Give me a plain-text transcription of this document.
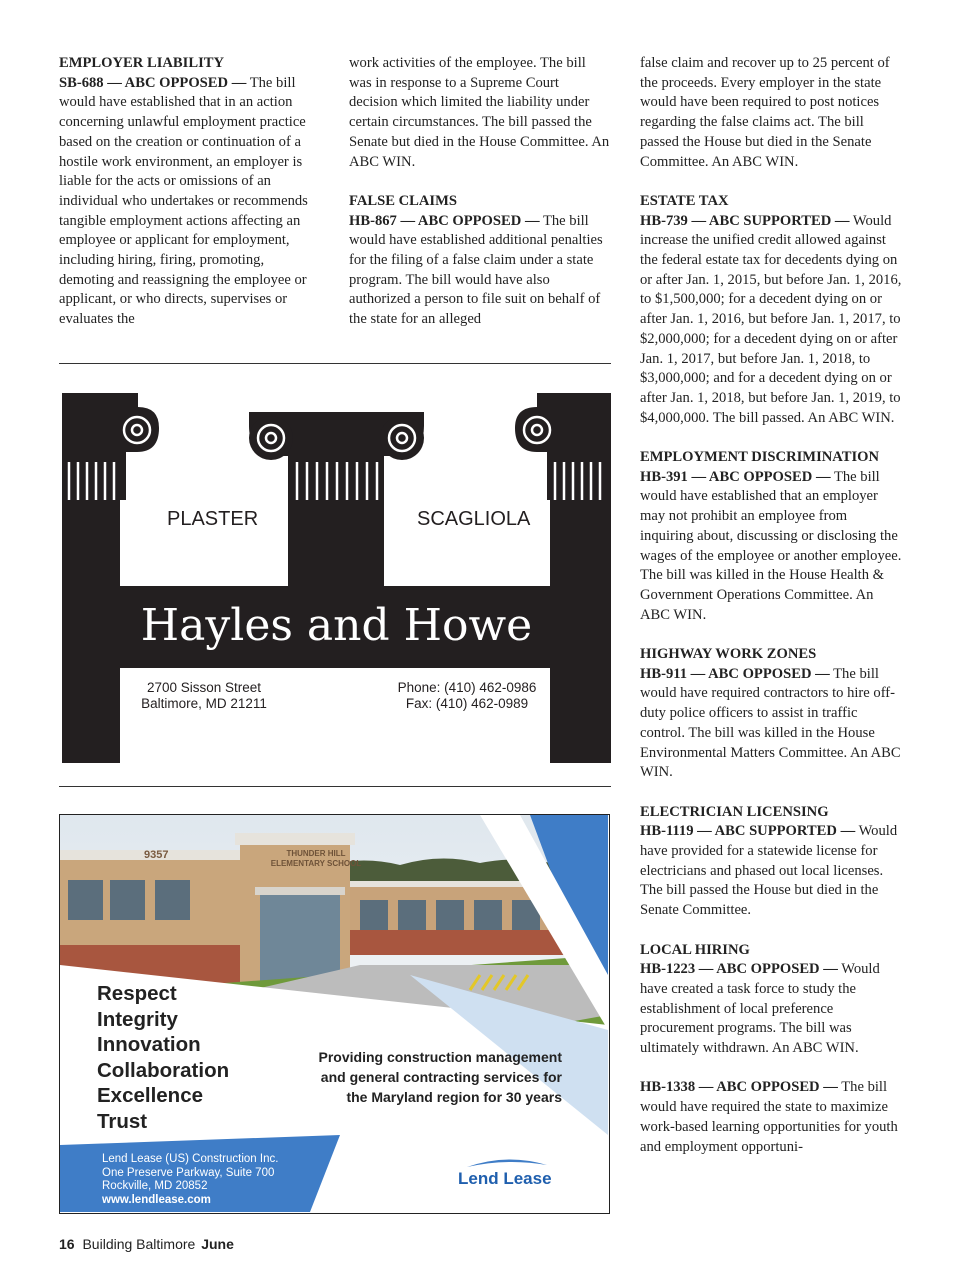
EMPLOYER LIABILITY
SB-688 — ABC OPPOSED — The bill would have established that in an action concerning unlawful employment practice based on the creation or continuation of a hostile work environment, an employer is liable for the acts or omissions of an individual who undertakes or recommends tangible employment actions affecting an employee or applicant for employment, including hiring, firing, promoting, demoting and reassigning the employee or applicant, or who directs, supervises or evaluates the

work activities of the employee. The bill was in response to a Supreme Court decision which limited the liability under certain circumstances. The bill passed the Senate but died in the House Committee. An ABC WIN.

FALSE CLAIMS
HB-867 — ABC OPPOSED — The bill would have established additional penalties for the filing of a false claim under a state program. The bill would have also authorized a person to file suit on behalf of the state for an alleged

false claim and recover up to 25 percent of the proceeds. Every employer in the state would have been required to post notices regarding the false claims act. The bill passed the House but died in the Senate Committee. An ABC WIN.

ESTATE TAX
HB-739 — ABC SUPPORTED — Would increase the unified credit allowed against the federal estate tax for decedents dying on or after Jan. 1, 2015, but before Jan. 1, 2016, to $1,500,000; for a decedent dying on or after Jan. 1, 2016, but before Jan. 1, 2017, to $2,000,000; for a decedent dying on or after Jan. 1, 2017, but before Jan. 1, 2018, to $3,000,000; and for a decedent dying on or after Jan. 1, 2018, but before Jan. 1, 2019, to $4,000,000. The bill passed. An ABC WIN.

EMPLOYMENT DISCRIMINATION
HB-391 — ABC OPPOSED — The bill would have established that an employer may not prohibit an employee from inquiring about, discussing or disclosing the wages of the employee or another employee. The bill was killed in the House Health & Government Operations Committee. An ABC WIN.

HIGHWAY WORK ZONES
HB-911 — ABC OPPOSED — The bill would have required contractors to hire off-duty police officers to assist in traffic control. The bill was killed in the House Environmental Matters Committee. An ABC WIN.

ELECTRICIAN LICENSING
HB-1119 — ABC SUPPORTED — Would have provided for a statewide license for electricians and phased out local licenses. The bill passed the House but died in the Senate Committee.

LOCAL HIRING
HB-1223 — ABC OPPOSED — Would have created a task force to study the establishment of local preference procurement programs. The bill was ultimately withdrawn. An ABC WIN.

HB-1338 — ABC OPPOSED — The bill would have required the state to maximize work-based learning opportunities for youth and employment opportuni-

PLASTER	SCAGLIOLA
Hayles and Howe
2700 Sisson Street
Baltimore, MD 21211
Phone: (410) 462-0986
Fax: (410) 462-0989
9357	THUNDER HILL
ELEMENTARY SCHOOL
Respect
Integrity
Innovation
Collaboration
Excellence
Trust
Providing construction management
and general contracting services for
the Maryland region for 30 years
Lend Lease (US) Construction Inc.
One Preserve Parkway, Suite 700
Rockville, MD 20852
www.lendlease.com
Lend Lease
16 Building Baltimore June
